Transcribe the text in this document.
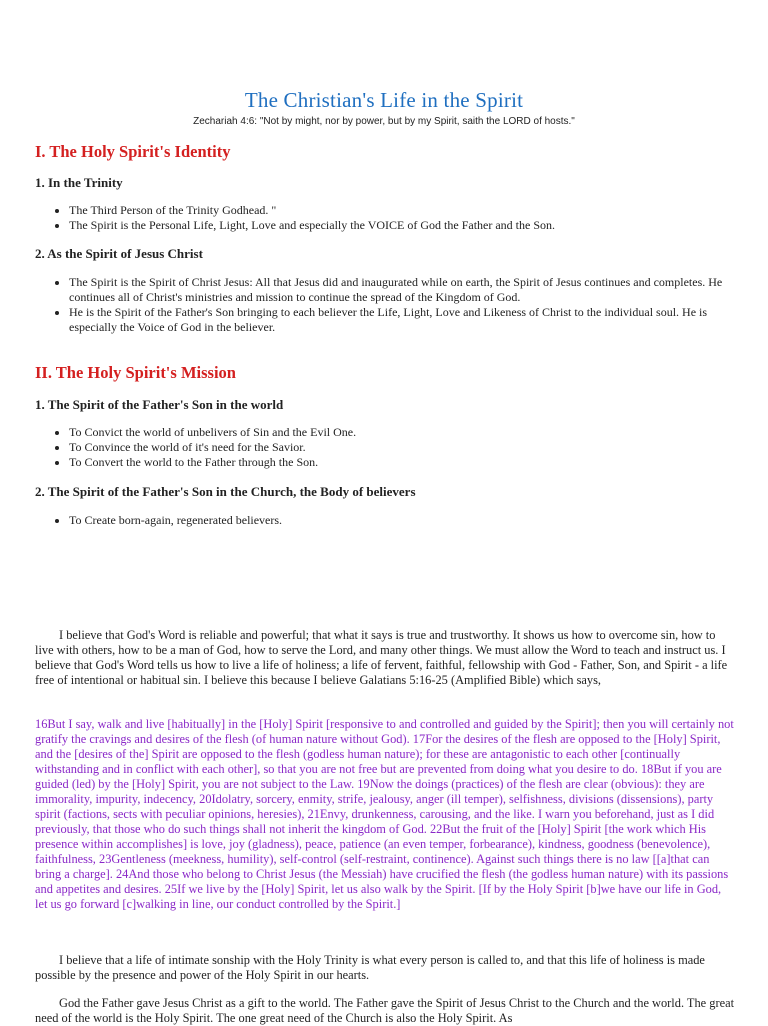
The Christian's Life in the Spirit
Zechariah 4:6: "Not by might, nor by power, but by my Spirit, saith the LORD of hosts."
I. The Holy Spirit's Identity
1. In the Trinity
• The Third Person of the Trinity Godhead. "
• The Spirit is the Personal Life, Light, Love and especially the VOICE of God the Father and the Son.
2. As the Spirit of Jesus Christ
• The Spirit is the Spirit of Christ Jesus: All that Jesus did and inaugurated while on earth, the Spirit of Jesus continues and completes. He continues all of Christ's ministries and mission to continue the spread of the Kingdom of God.
• He is the Spirit of the Father's Son bringing to each believer the Life, Light, Love and Likeness of Christ to the individual soul. He is especially the Voice of God in the believer.
II. The Holy Spirit's Mission
1. The Spirit of the Father's Son in the world
• To Convict the world of unbelivers of Sin and the Evil One.
• To Convince the world of it's need for the Savior.
• To Convert the world to the Father through the Son.
2. The Spirit of the Father's Son in the Church, the Body of believers
• To Create born-again, regenerated believers.

I believe that God's Word is reliable and powerful; that what it says is true and trustworthy. It shows us how to overcome sin, how to live with others, how to be a man of God, how to serve the Lord, and many other things. We must allow the Word to teach and instruct us. I believe that God's Word tells us how to live a life of holiness; a life of fervent, faithful, fellowship with God - Father, Son, and Spirit - a life free of intentional or habitual sin. I believe this because I believe Galatians 5:16-25 (Amplified Bible) which says,

16But I say, walk and live [habitually] in the [Holy] Spirit [responsive to and controlled and guided by the Spirit]; then you will certainly not gratify the cravings and desires of the flesh (of human nature without God). 17For the desires of the flesh are opposed to the [Holy] Spirit, and the [desires of the] Spirit are opposed to the flesh (godless human nature); for these are antagonistic to each other [continually withstanding and in conflict with each other], so that you are not free but are prevented from doing what you desire to do. 18But if you are guided (led) by the [Holy] Spirit, you are not subject to the Law. 19Now the doings (practices) of the flesh are clear (obvious): they are immorality, impurity, indecency, 20Idolatry, sorcery, enmity, strife, jealousy, anger (ill temper), selfishness, divisions (dissensions), party spirit (factions, sects with peculiar opinions, heresies), 21Envy, drunkenness, carousing, and the like. I warn you beforehand, just as I did previously, that those who do such things shall not inherit the kingdom of God. 22But the fruit of the [Holy] Spirit [the work which His presence within accomplishes] is love, joy (gladness), peace, patience (an even temper, forbearance), kindness, goodness (benevolence), faithfulness, 23Gentleness (meekness, humility), self-control (self-restraint, continence). Against such things there is no law [[a]that can bring a charge]. 24And those who belong to Christ Jesus (the Messiah) have crucified the flesh (the godless human nature) with its passions and appetites and desires. 25If we live by the [Holy] Spirit, let us also walk by the Spirit. [If by the Holy Spirit [b]we have our life in God, let us go forward [c]walking in line, our conduct controlled by the Spirit.]

I believe that a life of intimate sonship with the Holy Trinity is what every person is called to, and that this life of holiness is made possible by the presence and power of the Holy Spirit in our hearts.

God the Father gave Jesus Christ as a gift to the world. The Father gave the Spirit of Jesus Christ to the Church and the world. The great need of the world is the Holy Spirit. The one great need of the Church is also the Holy Spirit. As
